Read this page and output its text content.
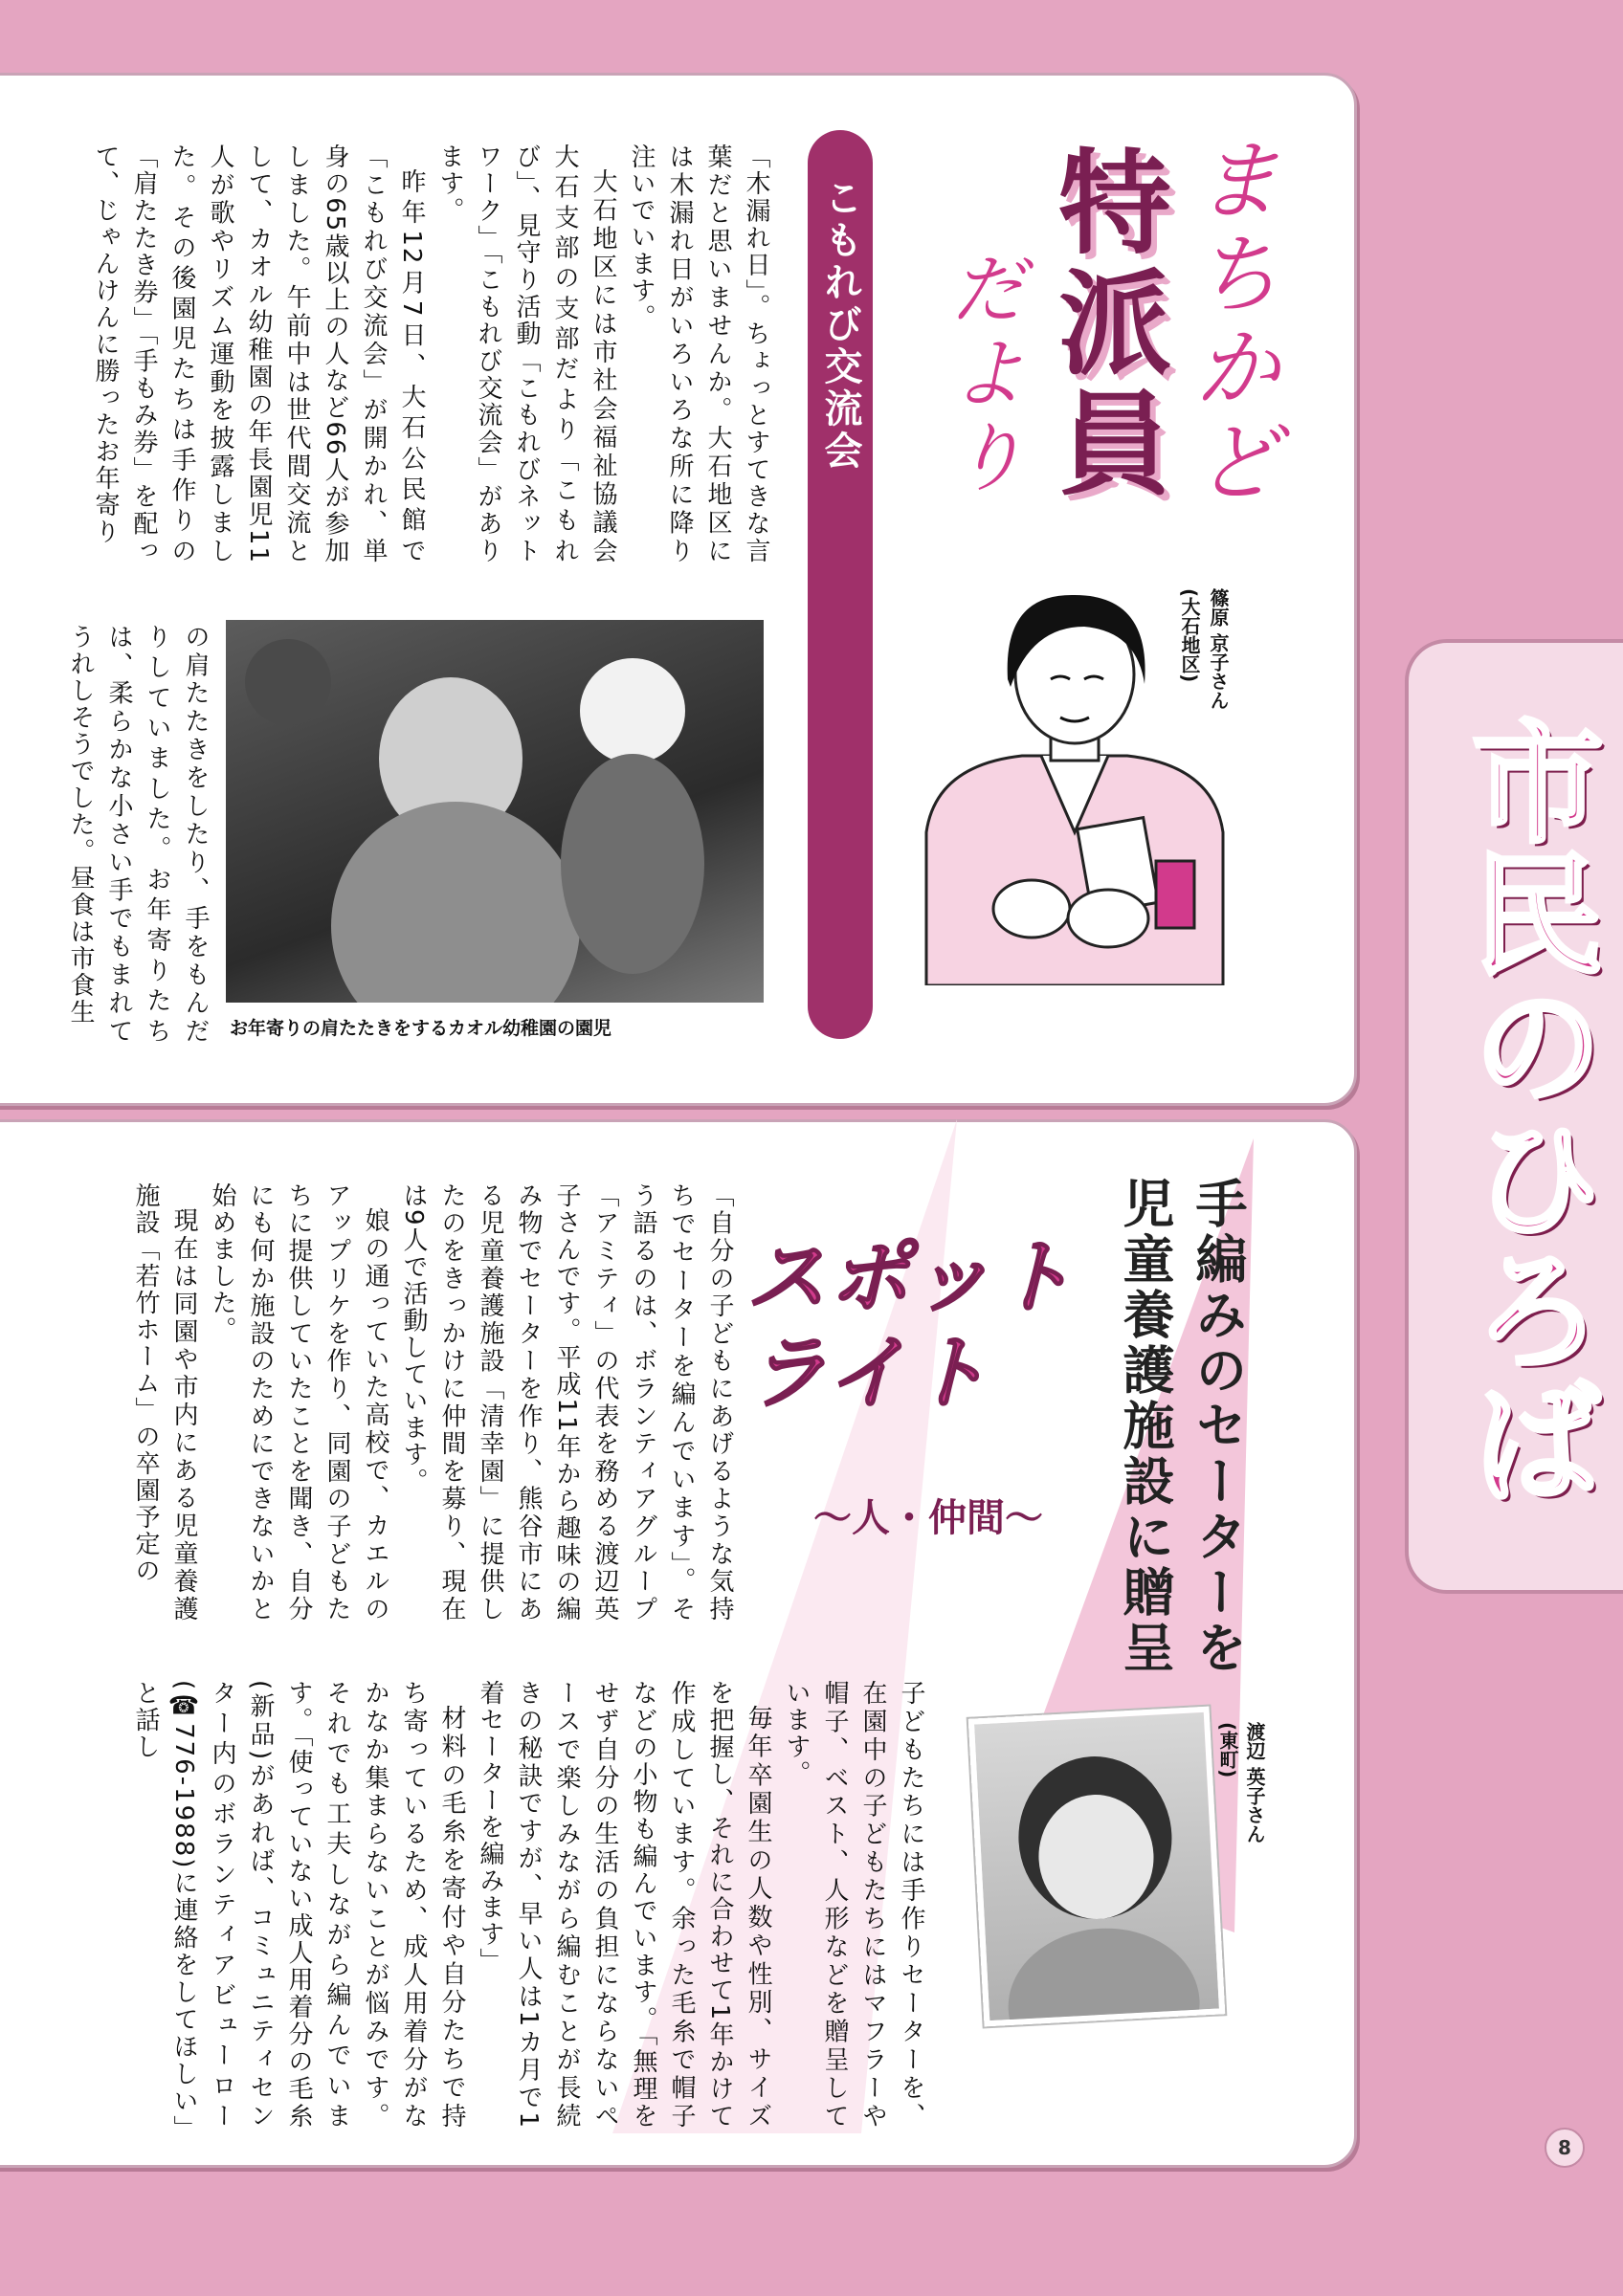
市民のひろば
まちかど
特派員
だより
篠原 京子さん
(大石地区)
こもれび交流会
「木漏れ日」。ちょっとすてきな言葉だと思いませんか。大石地区には木漏れ日がいろいろな所に降り注いでいます。
大石地区には市社会福祉協議会大石支部の支部だより「こもれび」、見守り活動「こもれびネットワーク」「こもれび交流会」があります。
昨年12月7日、大石公民館で「こもれび交流会」が開かれ、単身の65歳以上の人など66人が参加しました。午前中は世代間交流として、カオル幼稚園の年長園児11人が歌やリズム運動を披露しました。その後園児たちは手作りの「肩たたき券」「手もみ券」を配って、じゃんけんに勝ったお年寄り
お年寄りの肩たたきをするカオル幼稚園の園児
の肩たたきをしたり、手をもんだりしていました。お年寄りたちは、柔らかな小さい手でもまれてうれしそうでした。昼食は市食生
手編みのセーターを児童養護施設に贈呈
スポットライト
〜人・仲間〜
渡辺 英子さん
(東町)
「自分の子どもにあげるような気持ちでセーターを編んでいます」。そう語るのは、ボランティアグループ「アミティ」の代表を務める渡辺英子さんです。平成11年から趣味の編み物でセーターを作り、熊谷市にある児童養護施設「清幸園」に提供したのをきっかけに仲間を募り、現在は9人で活動しています。
娘の通っていた高校で、カエルのアップリケを作り、同園の子どもたちに提供していたことを聞き、自分にも何か施設のためにできないかと始めました。
現在は同園や市内にある児童養護施設「若竹ホーム」の卒園予定の
子どもたちには手作りセーターを、在園中の子どもたちにはマフラーや帽子、ベスト、人形などを贈呈しています。
毎年卒園生の人数や性別、サイズを把握し、それに合わせて1年かけて作成しています。余った毛糸で帽子などの小物も編んでいます。「無理をせず自分の生活の負担にならないペースで楽しみながら編むことが長続きの秘訣ですが、早い人は1カ月で1着セーターを編みます」
材料の毛糸を寄付や自分たちで持ち寄っているため、成人用着分がなかなか集まらないことが悩みです。それでも工夫しながら編んでいます。「使っていない成人用着分の毛糸(新品)があれば、コミュニティセンター内のボランティアビューロー(☎776-1988)に連絡をしてほしい」と話し
8
